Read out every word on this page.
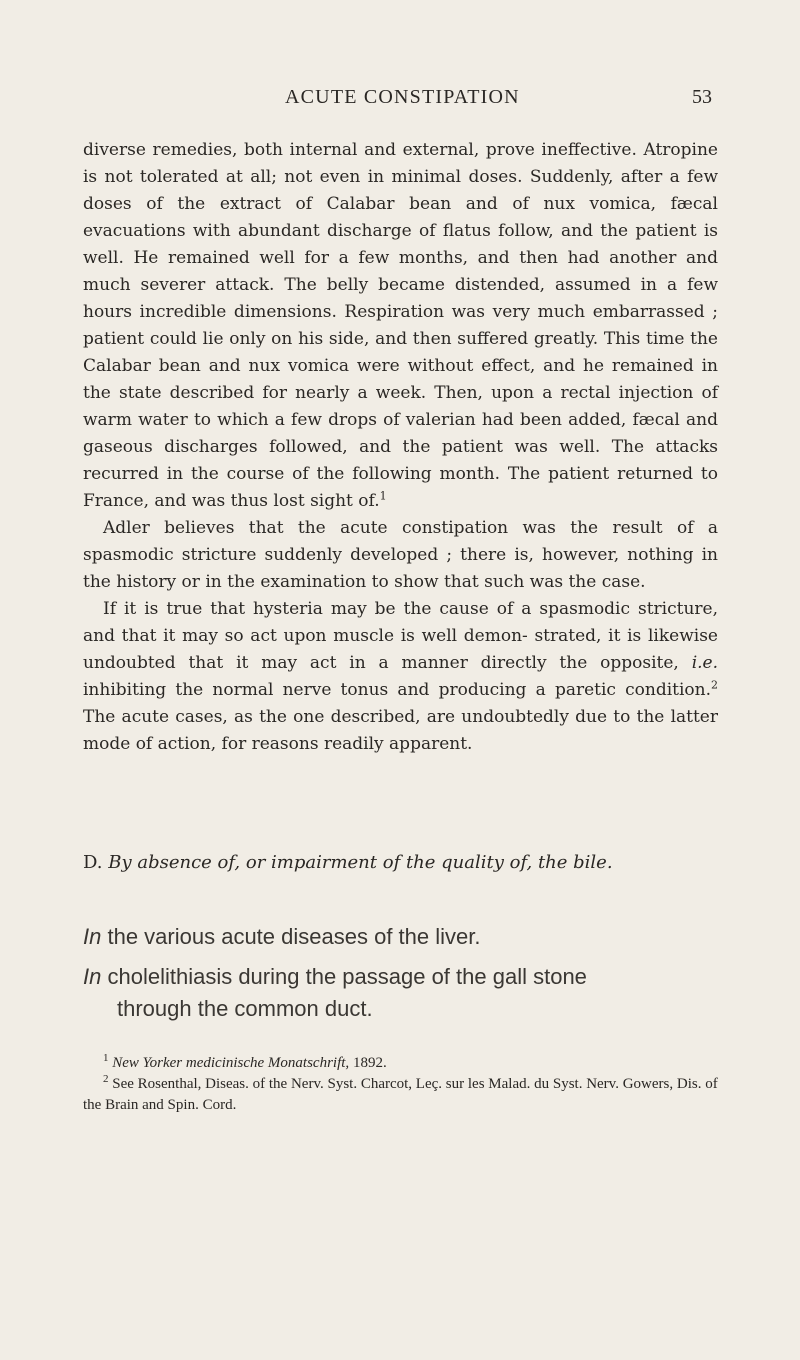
ACUTE CONSTIPATION	53

diverse remedies, both internal and external, prove ineffective. Atropine is not tolerated at all; not even in minimal doses. Suddenly, after a few doses of the extract of Calabar bean and of nux vomica, fæcal evacuations with abundant discharge of flatus follow, and the patient is well. He remained well for a few months, and then had another and much severer attack. The belly became distended, assumed in a few hours incredible dimensions. Respiration was very much embarrassed ; patient could lie only on his side, and then suffered greatly. This time the Calabar bean and nux vomica were without effect, and he remained in the state described for nearly a week. Then, upon a rectal injection of warm water to which a few drops of valerian had been added, fæcal and gaseous discharges followed, and the patient was well. The attacks recurred in the course of the following month. The patient returned to France, and was thus lost sight of.$^1$

Adler believes that the acute constipation was the result of a spasmodic stricture suddenly developed ; there is, however, nothing in the history or in the examination to show that such was the case.

If it is true that hysteria may be the cause of a spasmodic stricture, and that it may so act upon muscle is well demon- strated, it is likewise undoubted that it may act in a manner directly the opposite, i.e. inhibiting the normal nerve tonus and producing a paretic condition.$^2$ The acute cases, as the one described, are undoubtedly due to the latter mode of action, for reasons readily apparent.

D. By absence of, or impairment of the quality of, the bile.
In the various acute diseases of the liver.
In cholelithiasis during the passage of the gall stone
through the common duct.

$^1$ New Yorker medicinische Monatschrift, 1892.

$^2$ See Rosenthal, Diseas. of the Nerv. Syst. Charcot, Leç. sur les Malad. du Syst. Nerv. Gowers, Dis. of the Brain and Spin. Cord.
